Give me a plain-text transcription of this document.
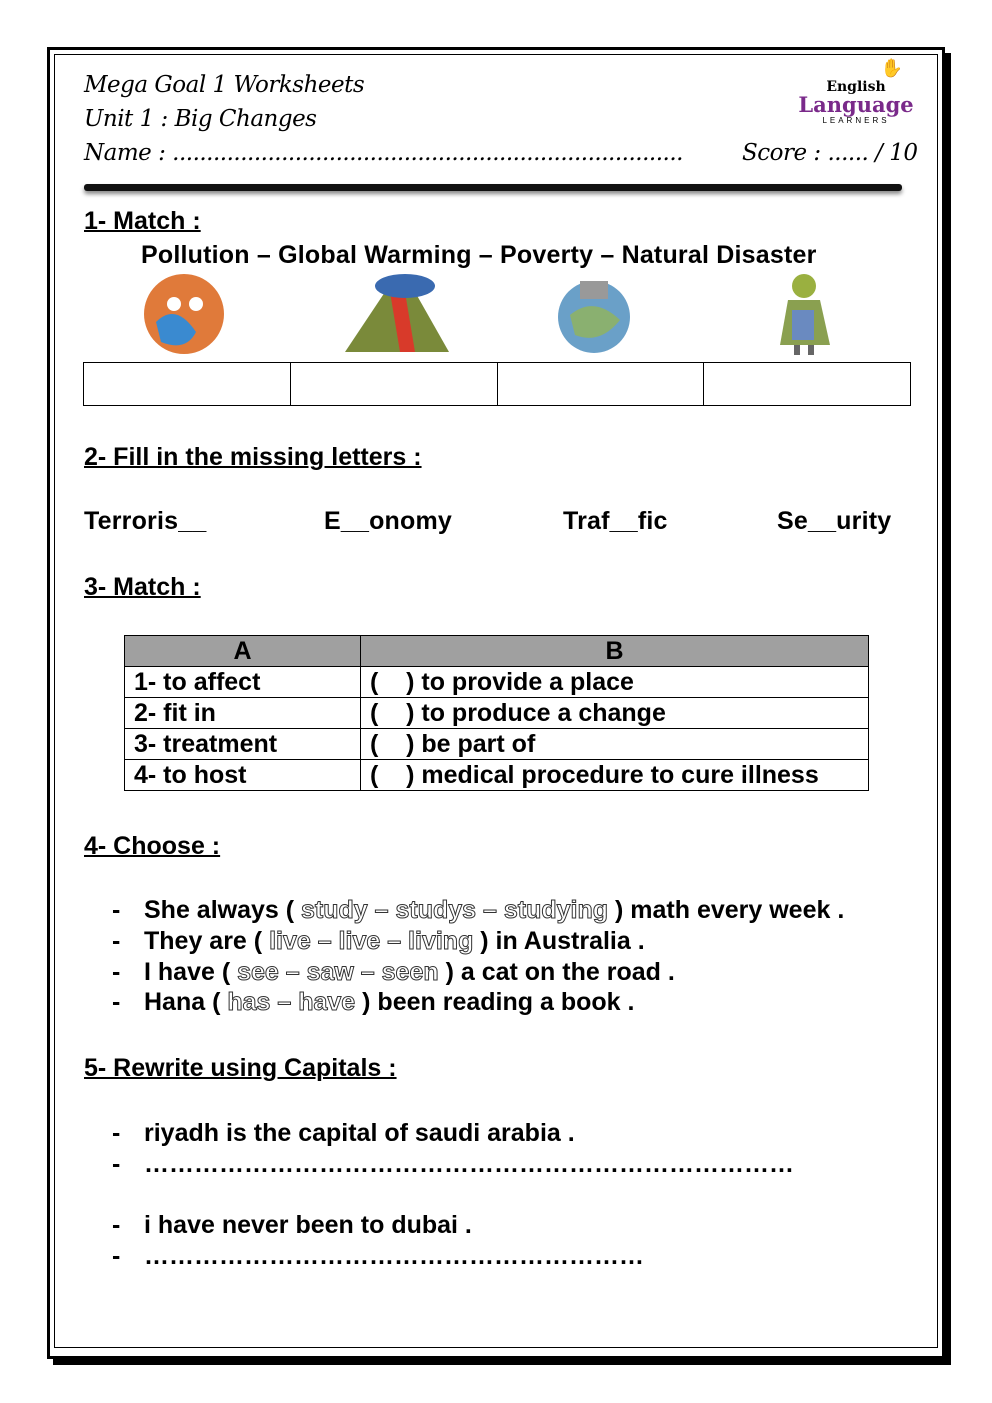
Mega Goal 1 Worksheets
Unit 1 : Big Changes
Name : ...........................................................................	Score : ...... / 10
✋
English
Language
LEARNERS
1- Match :
Pollution – Global Warming – Poverty – Natural Disaster
2- Fill in the missing letters :
Terroris__	E__onomy	Traf__fic	Se__urity
3- Match :
A	B
1- to affect	(    ) to provide a place
2- fit in	(    ) to produce a change
3- treatment	(    ) be part of
4- to host	(    ) medical procedure to cure illness
4- Choose :
- She always ( study – studys – studying ) math every week .
- They are ( live – live – living ) in Australia .
- I have ( see – saw – seen ) a cat on the road .
- Hana ( has – have ) been reading a book .
5- Rewrite using Capitals :
- riyadh is the capital of saudi arabia .
- ……………………………………………………………………
- i have never been to dubai .
- ……………………………………………………
